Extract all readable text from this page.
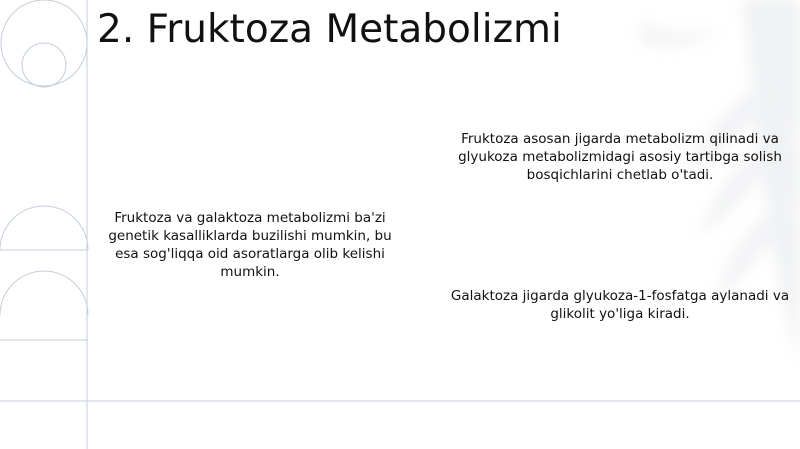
2. Fruktoza Metabolizmi

Fruktoza va galaktoza metabolizmi ba'zi genetik kasalliklarda buzilishi mumkin, bu esa sog'liqqa oid asoratlarga olib kelishi mumkin.

Fruktoza asosan jigarda metabolizm qilinadi va glyukoza metabolizmidagi asosiy tartibga solish bosqichlarini chetlab o'tadi.

Galaktoza jigarda glyukoza-1-fosfatga aylanadi va glikolit yo'liga kiradi.
